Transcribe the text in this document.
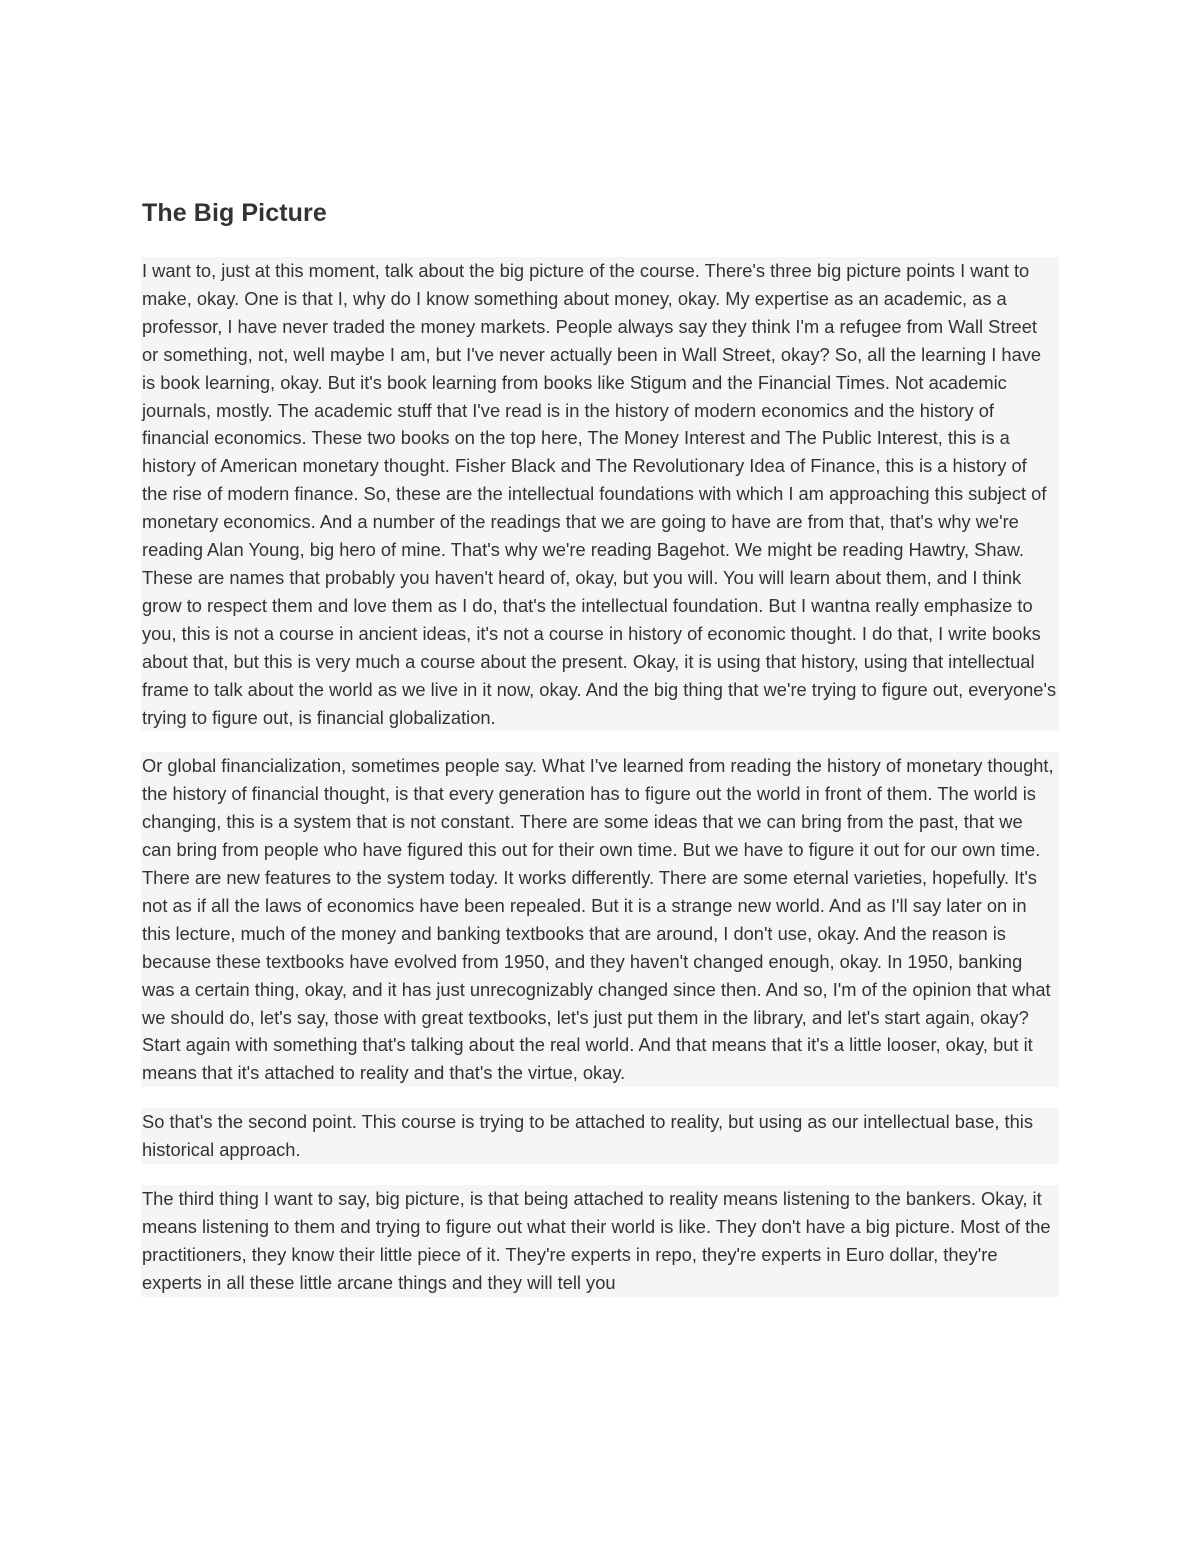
The Big Picture

I want to, just at this moment, talk about the big picture of the course. There's three big picture points I want to make, okay. One is that I, why do I know something about money, okay. My expertise as an academic, as a professor, I have never traded the money markets. People always say they think I'm a refugee from Wall Street or something, not, well maybe I am, but I've never actually been in Wall Street, okay? So, all the learning I have is book learning, okay. But it's book learning from books like Stigum and the Financial Times. Not academic journals, mostly. The academic stuff that I've read is in the history of modern economics and the history of financial economics. These two books on the top here, The Money Interest and The Public Interest, this is a history of American monetary thought. Fisher Black and The Revolutionary Idea of Finance, this is a history of the rise of modern finance. So, these are the intellectual foundations with which I am approaching this subject of monetary economics. And a number of the readings that we are going to have are from that, that's why we're reading Alan Young, big hero of mine. That's why we're reading Bagehot. We might be reading Hawtry, Shaw. These are names that probably you haven't heard of, okay, but you will. You will learn about them, and I think grow to respect them and love them as I do, that's the intellectual foundation. But I wantna really emphasize to you, this is not a course in ancient ideas, it's not a course in history of economic thought. I do that, I write books about that, but this is very much a course about the present. Okay, it is using that history, using that intellectual frame to talk about the world as we live in it now, okay. And the big thing that we're trying to figure out, everyone's trying to figure out, is financial globalization.

Or global financialization, sometimes people say. What I've learned from reading the history of monetary thought, the history of financial thought, is that every generation has to figure out the world in front of them. The world is changing, this is a system that is not constant. There are some ideas that we can bring from the past, that we can bring from people who have figured this out for their own time. But we have to figure it out for our own time. There are new features to the system today. It works differently. There are some eternal varieties, hopefully. It's not as if all the laws of economics have been repealed. But it is a strange new world. And as I'll say later on in this lecture, much of the money and banking textbooks that are around, I don't use, okay. And the reason is because these textbooks have evolved from 1950, and they haven't changed enough, okay. In 1950, banking was a certain thing, okay, and it has just unrecognizably changed since then. And so, I'm of the opinion that what we should do, let's say, those with great textbooks, let's just put them in the library, and let's start again, okay? Start again with something that's talking about the real world. And that means that it's a little looser, okay, but it means that it's attached to reality and that's the virtue, okay.

So that's the second point. This course is trying to be attached to reality, but using as our intellectual base, this historical approach.

The third thing I want to say, big picture, is that being attached to reality means listening to the bankers. Okay, it means listening to them and trying to figure out what their world is like. They don't have a big picture. Most of the practitioners, they know their little piece of it. They're experts in repo, they're experts in Euro dollar, they're experts in all these little arcane things and they will tell you
